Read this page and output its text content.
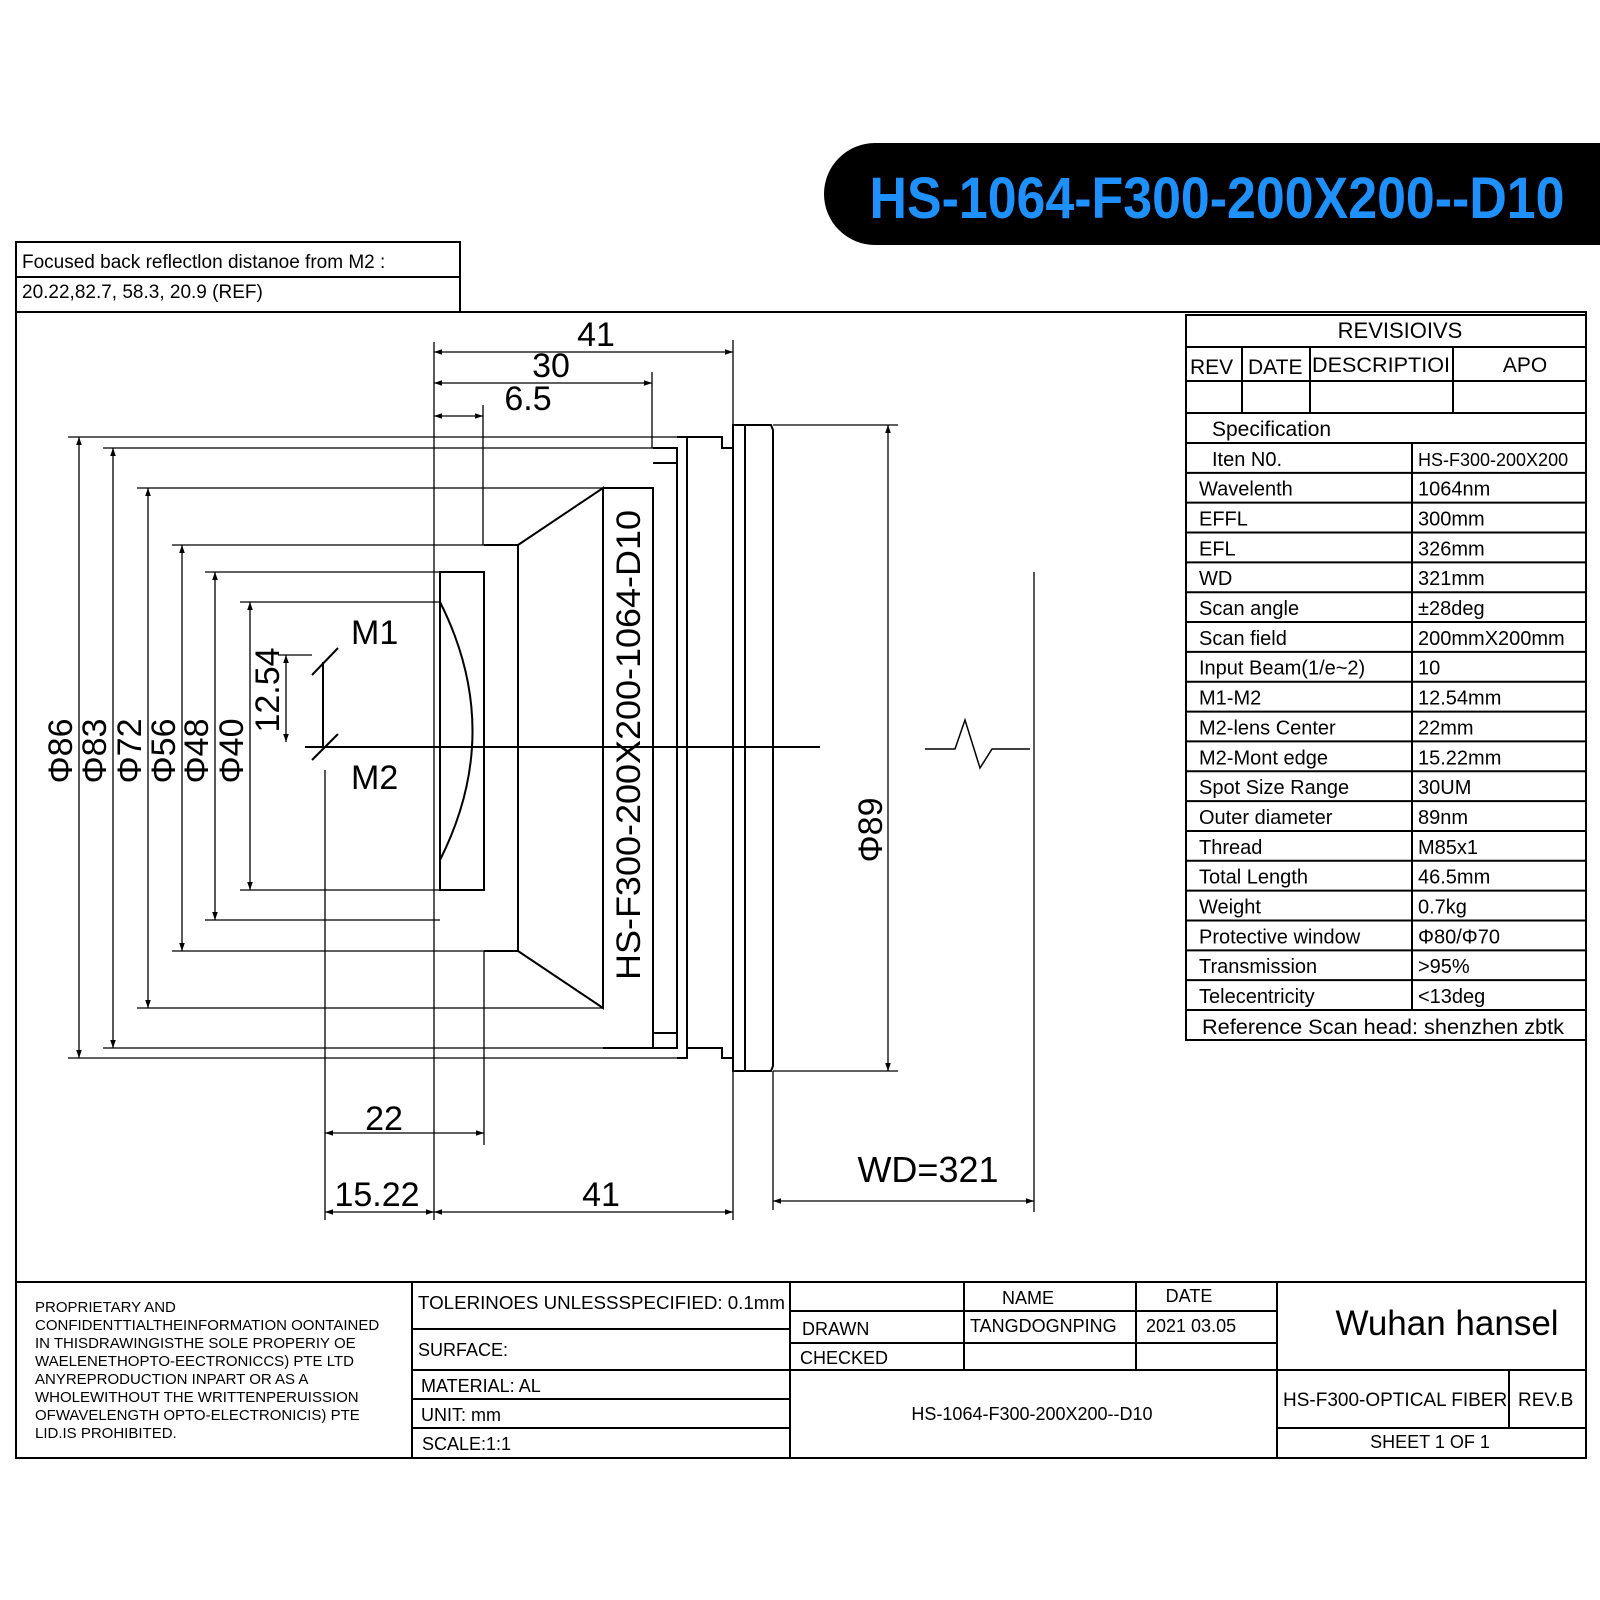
HS-1064-F300-200X200--D10
Focused back reflectlon distanoe from M2 :
20.22,82.7, 58.3, 20.9 (REF)
REVISIOIVS
REV DATE DESCRIPTIOI	APO
Iten N0.	HS-F300-200X200
Wavelenth	1064nm
EFFL	300mm
EFL	326mm
WD	321mm
Scan angle	±28deg
Scan field	200mmX200mm
Input Beam(1/e~2)	10
M1-M2	12.54mm
M2-lens Center	22mm
M2-Mont edge	15.22mm
Spot Size Range	30UM
Outer diameter	89nm
Thread	M85x1
Total Length	46.5mm
Weight	0.7kg
Protective window	Φ80/Φ70
Transmission	>95%
Telecentricity	<13deg
Specification
Reference Scan head: shenzhen zbtk
M1
M2	HS-F300-200X200-1064-D10
41
30
6.5
22
15.22	41
WD=321
Φ86
Φ83
Φ72
Φ56
Φ48
Φ40
12.54
Φ89
PROPRIETARY AND
CONFIDENTTIALTHEINFORMATION OONTAINED
IN THISDRAWINGISTHE SOLE PROPERIY OE
WAELENETHOPTO-EECTRONICCS) PTE LTD
ANYREPRODUCTION INPART OR AS A
WHOLEWITHOUT THE WRITTENPERUISSION
OFWAVELENGTH OPTO-ELECTRONICIS) PTE
LID.IS PROHIBITED.
TOLERINOES UNLESSSPECIFIED: 0.1mm
SURFACE:
MATERIAL: AL
UNIT: mm
SCALE:1:1
NAME	DATE
DRAWN	TANGDOGNPING 2021 03.05
CHECKED
HS-1064-F300-200X200--D10
Wuhan hansel
HS-F300-OPTICAL FIBER REV.B
SHEET 1 OF 1
